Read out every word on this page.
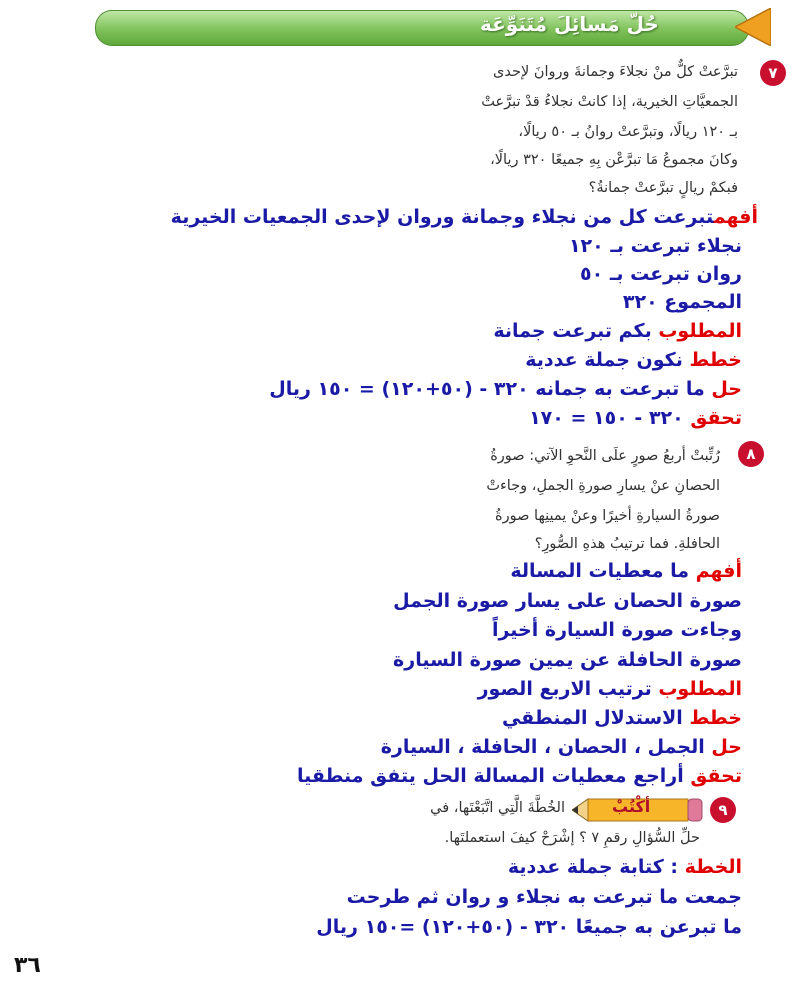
حُلّ مَسائِلَ مُتَنَوِّعَة
٧
تبرَّعتْ كلٌّ منْ نجلاءَ وجمانةَ وروانَ لإحدى
الجمعيَّاتِ الخيرية، إذا كانتْ نجلاءُ قدْ تبرَّعتْ
بـ ١٢٠ ريالًا، وتبرَّعتْ روانُ بـ ٥٠ ريالًا،
وكانَ مجموعُ مَا تبرَّعْن بِهِ جميعًا ٣٢٠ ريالًا،
فبكمْ ريالٍ تبرَّعتْ جمانةُ؟
أفهمتبرعت كل من نجلاء وجمانة وروان لإحدى الجمعيات الخيرية
نجلاء تبرعت بـ ١٢٠
روان تبرعت بـ ٥٠
المجموع ٣٢٠
المطلوب بكم تبرعت جمانة
خطط نكون جملة عددية
حل ما تبرعت به جمانه ٣٢٠ - (٥٠+١٢٠) = ١٥٠ ريال
تحقق ٣٢٠ - ١٥٠ = ١٧٠
٨
رُتِّبتْ أربعُ صورٍ علَى النَّحوِ الآتي: صورةُ
الحصانِ عنْ يسارِ صورةِ الجملِ، وجاءتْ
صورةُ السيارةِ أخيرًا وعنْ يمينِها صورةُ
الحافلةِ. فما ترتيبُ هذهِ الصُّورِ؟
أفهم ما معطيات المسالة
صورة الحصان على يسار صورة الجمل
وجاءت صورة السيارة أخيراً
صورة الحافلة عن يمين صورة السيارة
المطلوب ترتيب الاربع الصور
خطط الاستدلال المنطقي
حل الجمل ، الحصان ، الحافلة ، السيارة
تحقق أراجع معطيات المسالة الحل يتفق منطقيا
٩
أكْتُبْ
الخُطَّةَ الَّتِي اتَّبَعْتَها، في
حلِّ السُّؤالِ رقمِ ٧ ؟ إشْرَحْ كيفَ استعملتَها.
الخطة : كتابة جملة عددية
جمعت ما تبرعت به نجلاء و روان ثم طرحت
ما تبرعن به جميعًا ٣٢٠ - (٥٠+١٢٠) =١٥٠ ريال
٣٦
